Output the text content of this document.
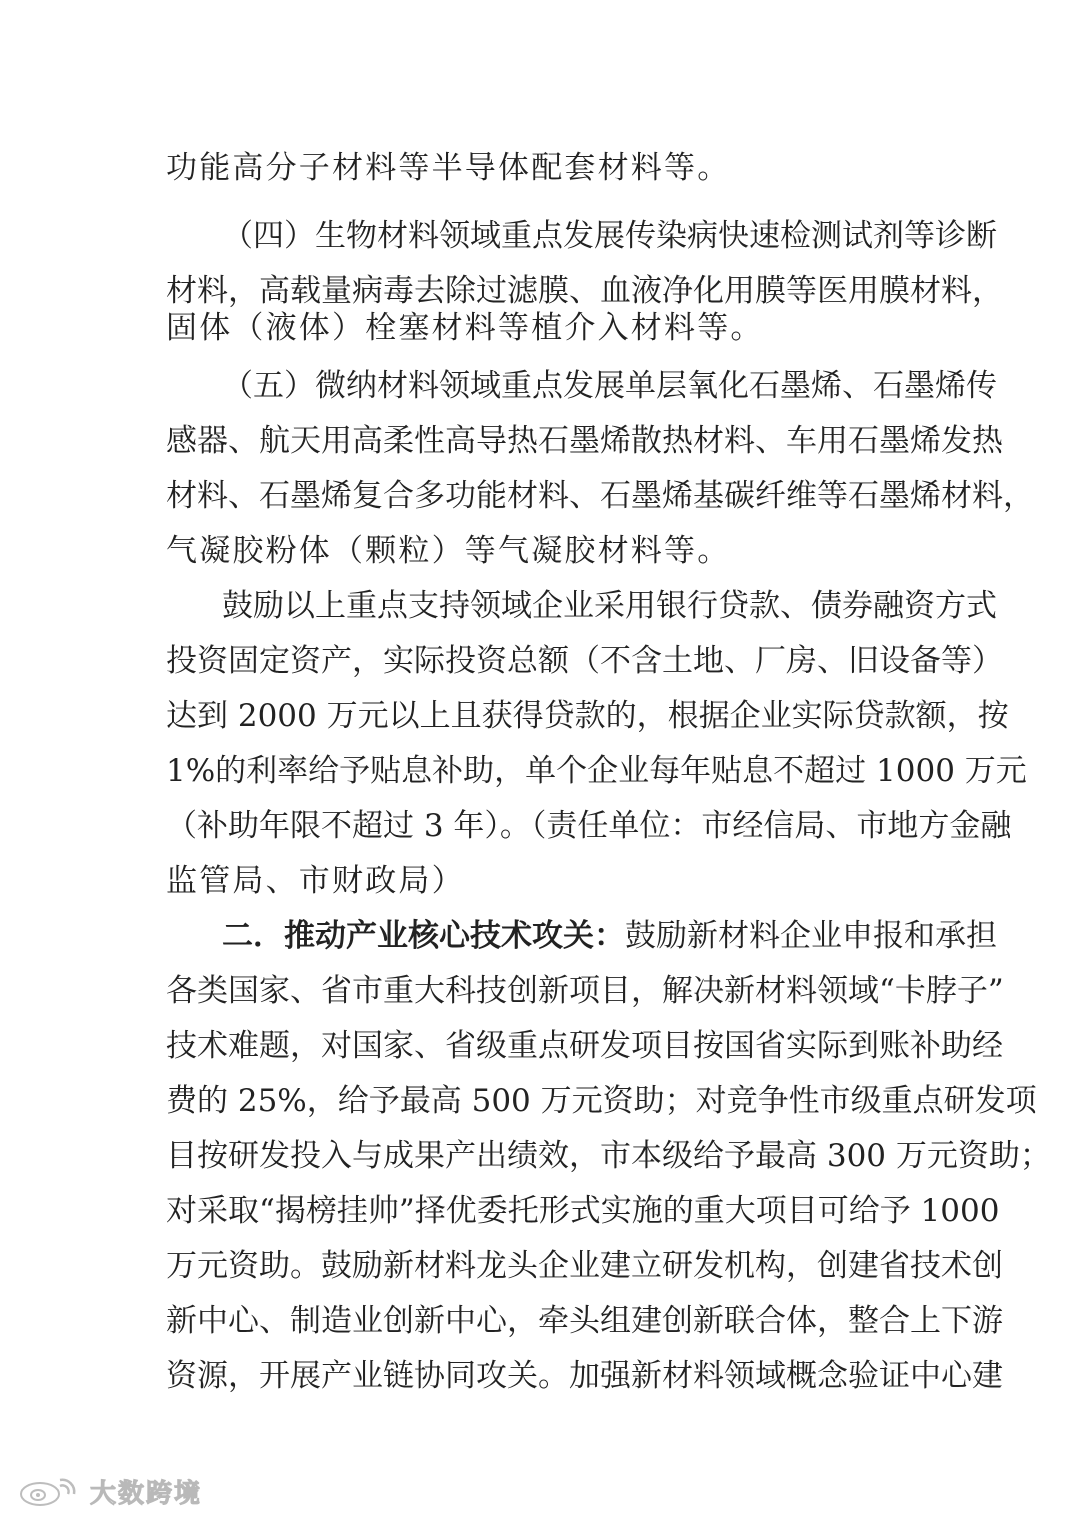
功能高分子材料等半导体配套材料等。
（四）生物材料领域重点发展传染病快速检测试剂等诊断
材料，高载量病毒去除过滤膜、血液净化用膜等医用膜材料，
固体（液体）栓塞材料等植介入材料等。
（五）微纳材料领域重点发展单层氧化石墨烯、石墨烯传
感器、航天用高柔性高导热石墨烯散热材料、车用石墨烯发热
材料、石墨烯复合多功能材料、石墨烯基碳纤维等石墨烯材料，
气凝胶粉体（颗粒）等气凝胶材料等。
鼓励以上重点支持领域企业采用银行贷款、债券融资方式
投资固定资产，实际投资总额（不含土地、厂房、旧设备等）
达到 2000 万元以上且获得贷款的，根据企业实际贷款额，按
1%的利率给予贴息补助，单个企业每年贴息不超过 1000 万元
（补助年限不超过 3 年）。（责任单位：市经信局、市地方金融
监管局、市财政局）
二．推动产业核心技术攻关： 鼓励新材料企业申报和承担
各类国家、省市重大科技创新项目，解决新材料领域“卡脖子”
技术难题，对国家、省级重点研发项目按国省实际到账补助经
费的 25%，给予最高 500 万元资助；对竞争性市级重点研发项
目按研发投入与成果产出绩效，市本级给予最高 300 万元资助；
对采取“揭榜挂帅”择优委托形式实施的重大项目可给予 1000
万元资助。鼓励新材料龙头企业建立研发机构，创建省技术创
新中心、制造业创新中心，牵头组建创新联合体，整合上下游
资源，开展产业链协同攻关。加强新材料领域概念验证中心建
大数跨境
